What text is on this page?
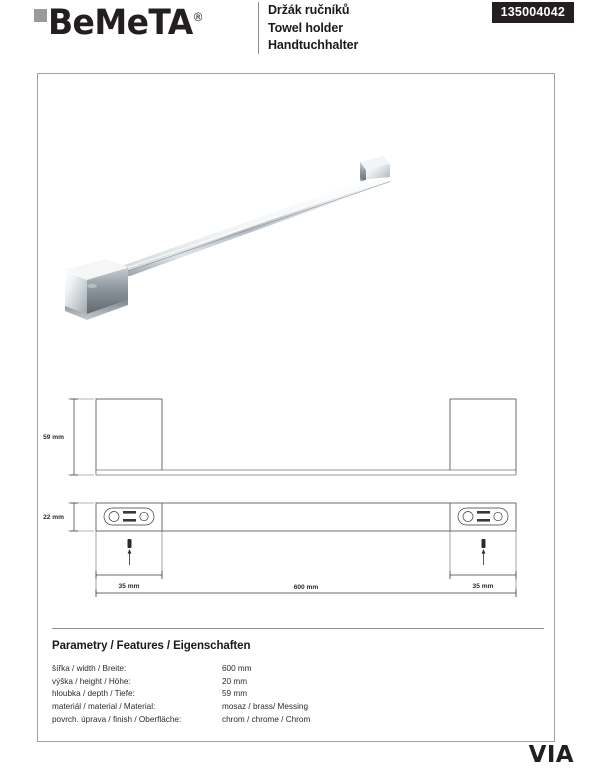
BeMeTA®
Držák ručníků
Towel holder
Handtuchhalter
135004042
59 mm
22 mm
35 mm	35 mm
600 mm
Parametry / Features / Eigenschaften
šířka / width / Breite:	600 mm
výška / height / Höhe:	20 mm
hloubka / depth / Tiefe:	59 mm
materiál / material / Material:	mosaz / brass/ Messing
povrch. úprava / finish / Oberfläche:	chrom / chrome / Chrom
VIA
